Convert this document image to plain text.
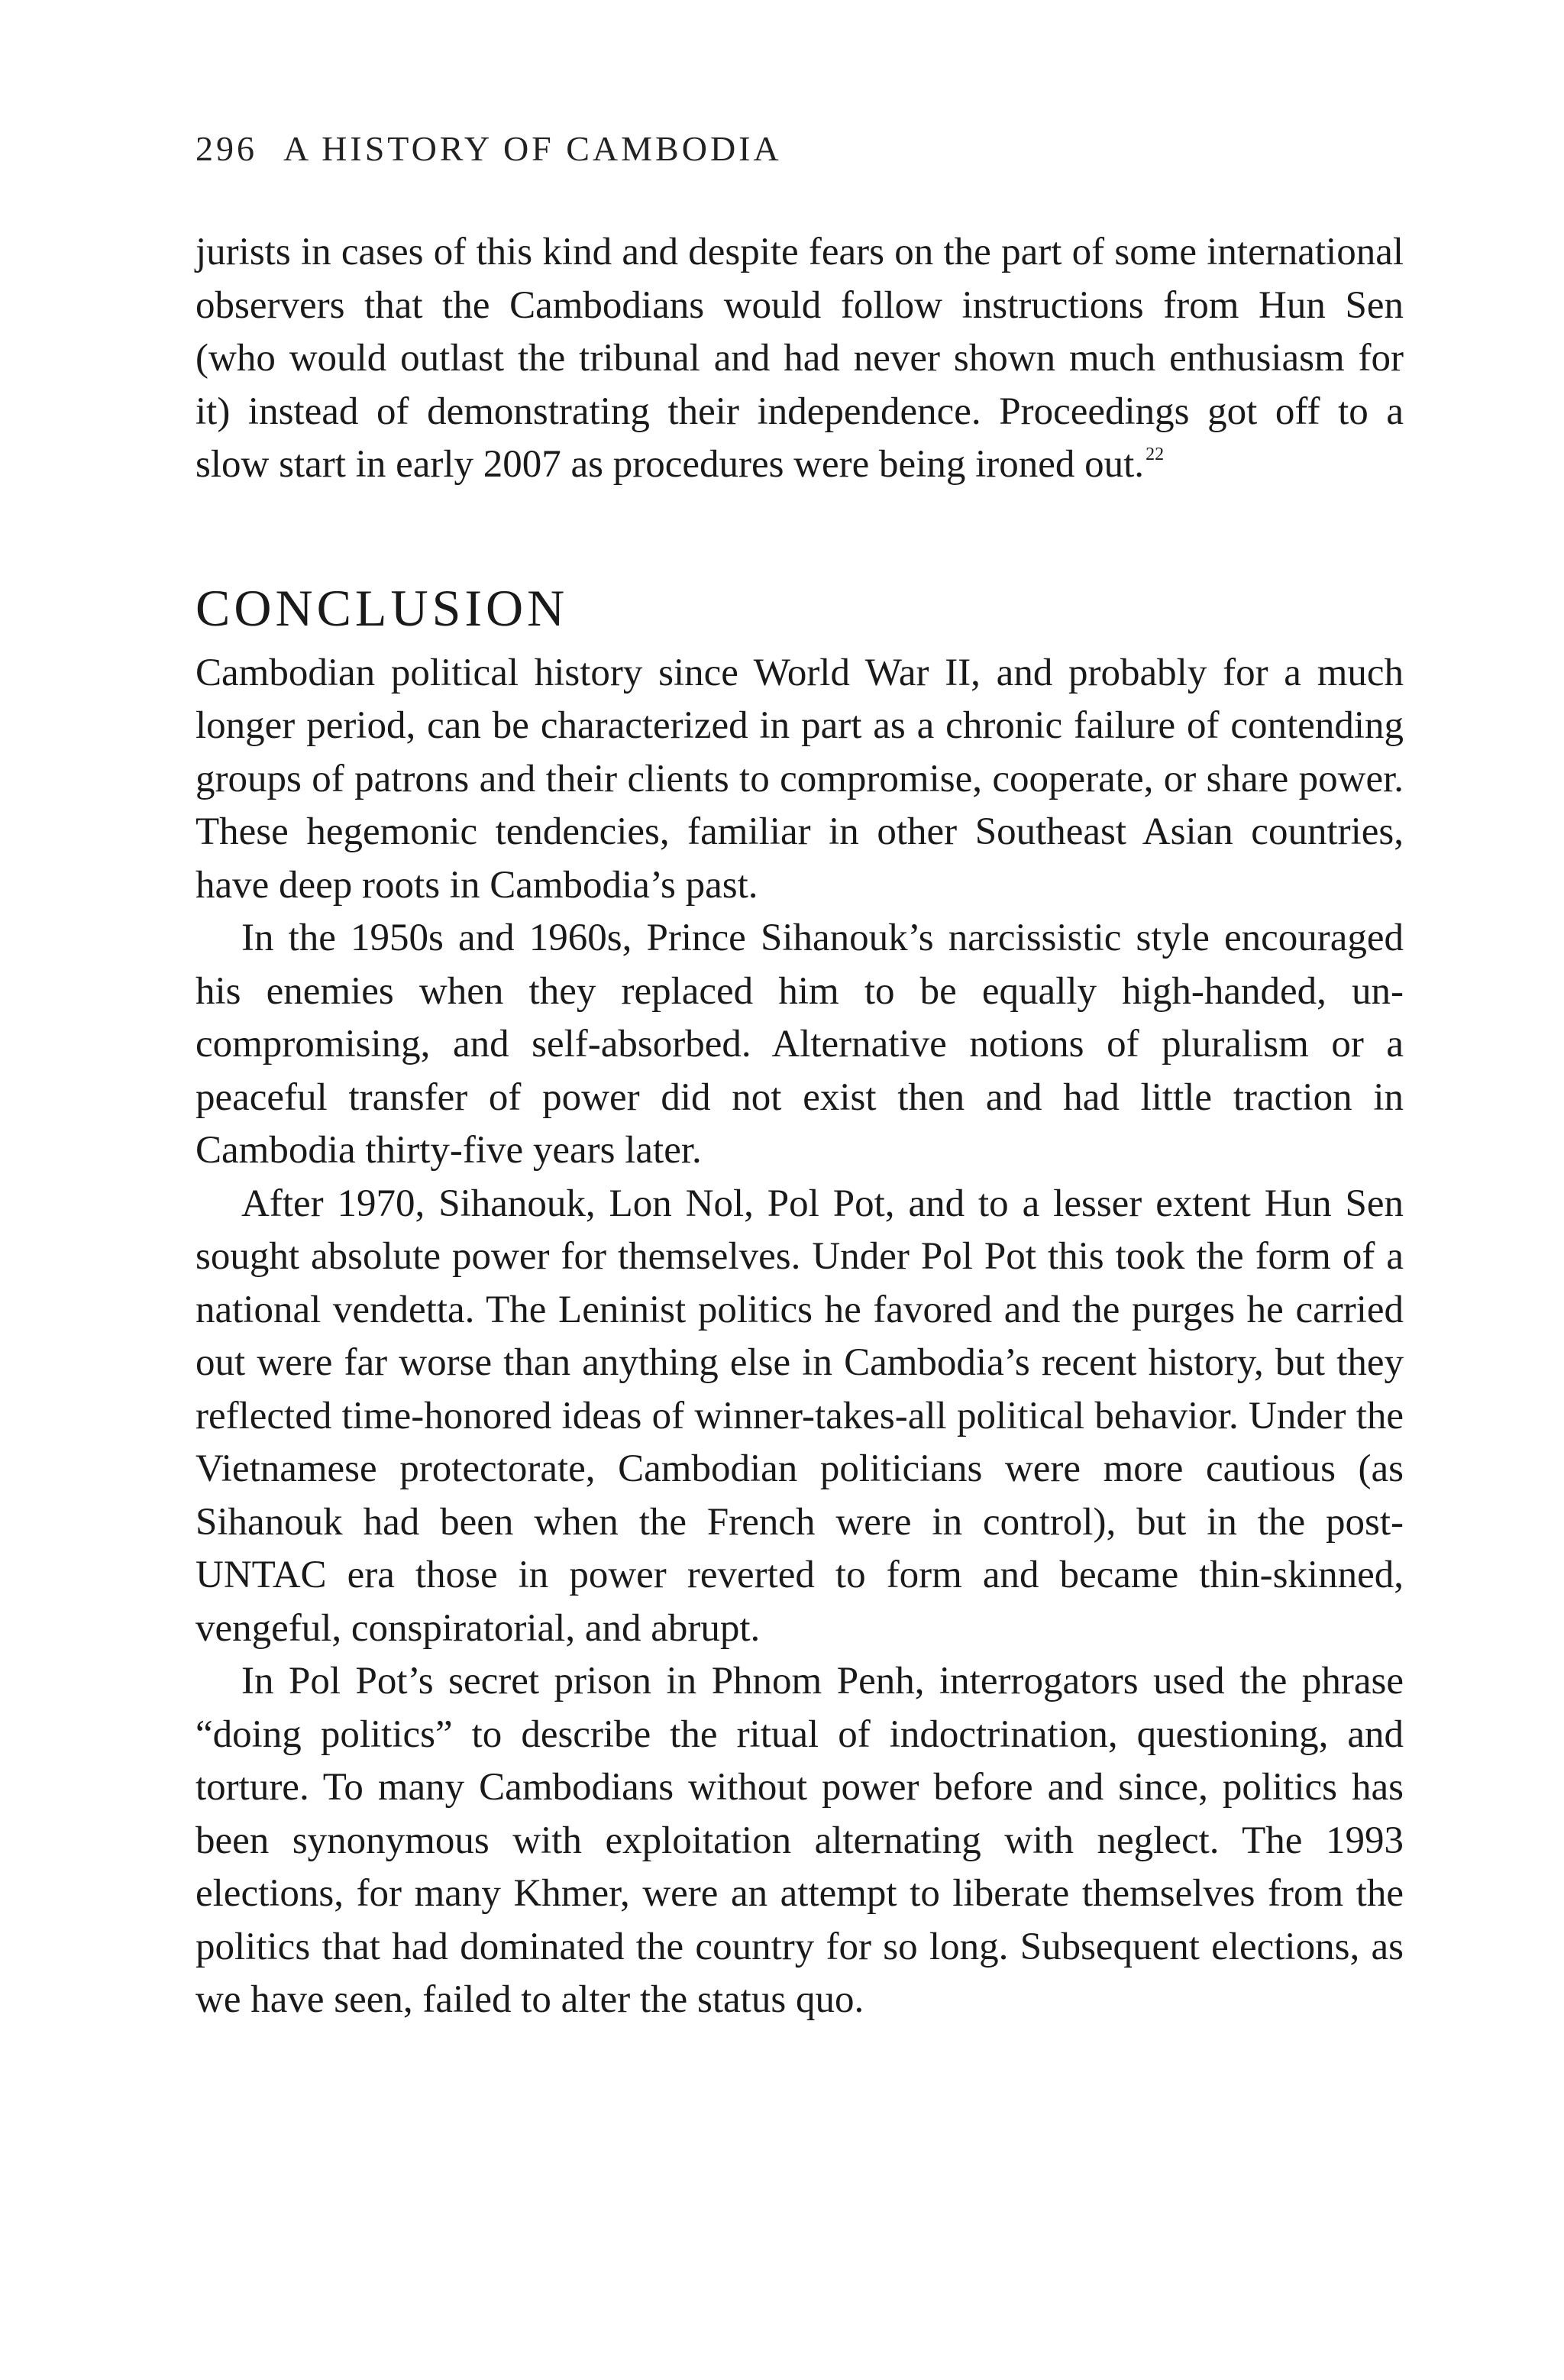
296 A HISTORY OF CAMBODIA

jurists in cases of this kind and despite fears on the part of some international observers that the Cambodians would follow instructions from Hun Sen (who would outlast the tribunal and had never shown much enthusiasm for it) instead of demonstrating their independence. Proceedings got off to a slow start in early 2007 as procedures were being ironed out.$^{22}$

CONCLUSION

Cambodian political history since World War II, and probably for a much longer period, can be characterized in part as a chronic failure of contending groups of patrons and their clients to compromise, cooperate, or share power. These hegemonic tendencies, familiar in other Southeast Asian countries, have deep roots in Cambodia’s past.

In the 1950s and 1960s, Prince Sihanouk’s narcissistic style encouraged his enemies when they replaced him to be equally high-handed, uncompromising, and self-absorbed. Alternative notions of pluralism or a peaceful transfer of power did not exist then and had little traction in Cambodia thirty-five years later.

After 1970, Sihanouk, Lon Nol, Pol Pot, and to a lesser extent Hun Sen sought absolute power for themselves. Under Pol Pot this took the form of a national vendetta. The Leninist politics he favored and the purges he carried out were far worse than anything else in Cambodia’s recent history, but they reflected time-honored ideas of winner-takes-all political behavior. Under the Vietnamese protectorate, Cambodian politicians were more cautious (as Sihanouk had been when the French were in control), but in the post-UNTAC era those in power reverted to form and became thin-skinned, vengeful, conspiratorial, and abrupt.

In Pol Pot’s secret prison in Phnom Penh, interrogators used the phrase “doing politics” to describe the ritual of indoctrination, questioning, and torture. To many Cambodians without power before and since, politics has been synonymous with exploitation alternating with neglect. The 1993 elections, for many Khmer, were an attempt to liberate themselves from the politics that had dominated the country for so long. Subsequent elections, as we have seen, failed to alter the status quo.
